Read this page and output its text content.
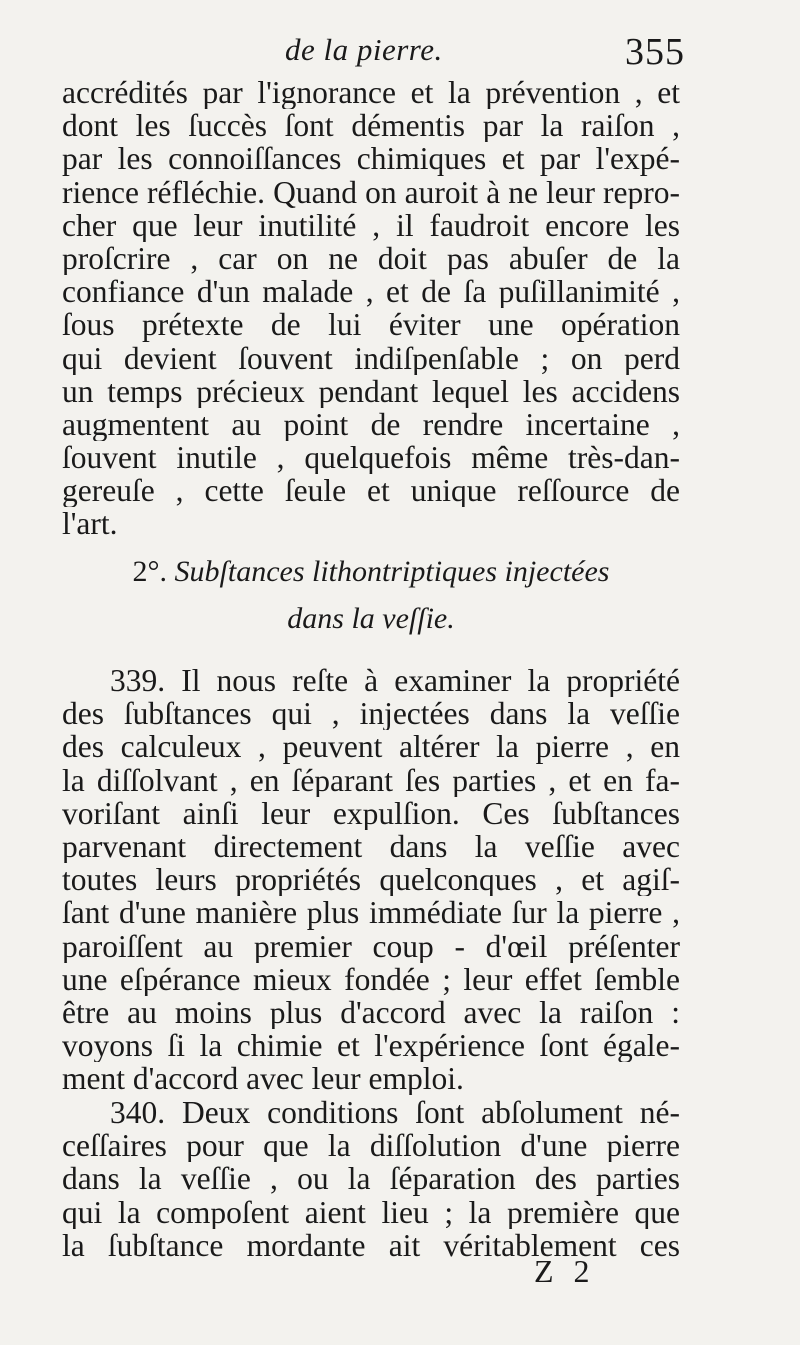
de la pierre.	355
accrédités par l'ignorance et la prévention , et
dont les ſuccès ſont démentis par la raiſon ,
par les connoiſſances chimiques et par l'expé-
rience réfléchie. Quand on auroit à ne leur repro-
cher que leur inutilité , il faudroit encore les
proſcrire , car on ne doit pas abuſer de la
confiance d'un malade , et de ſa puſillanimité ,
ſous prétexte de lui éviter une opération
qui devient ſouvent indiſpenſable ; on perd
un temps précieux pendant lequel les accidens
augmentent au point de rendre incertaine ,
ſouvent inutile , quelquefois même très-dan-
gereuſe , cette ſeule et unique reſſource de
l'art.
2°. Subſtances lithontriptiques injectées
dans la veſſie.
339. Il nous reſte à examiner la propriété
des ſubſtances qui , injectées dans la veſſie
des calculeux , peuvent altérer la pierre , en
la diſſolvant , en ſéparant ſes parties , et en fa-
voriſant ainſi leur expulſion. Ces ſubſtances
parvenant directement dans la veſſie avec
toutes leurs propriétés quelconques , et agiſ-
ſant d'une manière plus immédiate ſur la pierre ,
paroiſſent au premier coup - d'œil préſenter
une eſpérance mieux fondée ; leur effet ſemble
être au moins plus d'accord avec la raiſon :
voyons ſi la chimie et l'expérience ſont égale-
ment d'accord avec leur emploi.
340. Deux conditions ſont abſolument né-
ceſſaires pour que la diſſolution d'une pierre
dans la veſſie , ou la ſéparation des parties
qui la compoſent aient lieu ; la première que
la ſubſtance mordante ait véritablement ces
Z 2
